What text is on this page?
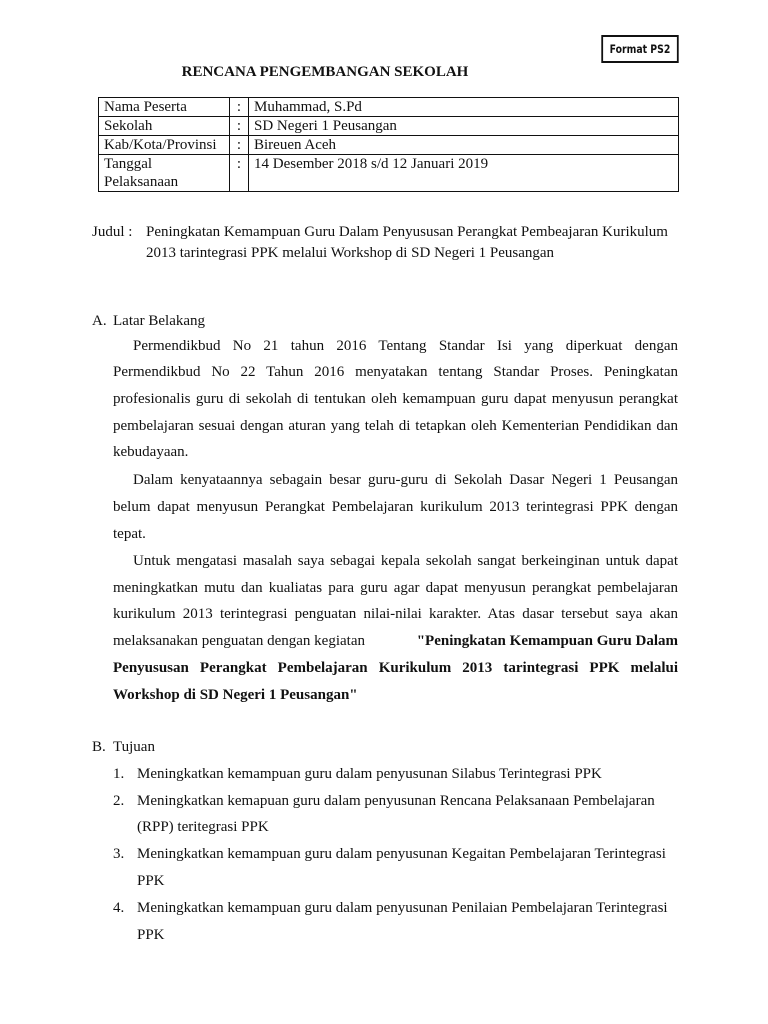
Format PS2
RENCANA PENGEMBANGAN SEKOLAH
Nama Peserta	:	Muhammad, S.Pd
Sekolah	:	SD Negeri 1 Peusangan
Kab/Kota/Provinsi	:	Bireuen Aceh
Tanggal Pelaksanaan	:	14 Desember 2018 s/d 12 Januari 2019
Judul : Peningkatan Kemampuan Guru Dalam Penyususan Perangkat Pembeajaran Kurikulum
2013 tarintegrasi PPK melalui Workshop di SD Negeri 1 Peusangan
A. Latar Belakang
Permendikbud No 21 tahun 2016 Tentang Standar Isi yang diperkuat dengan
Permendikbud No 22 Tahun 2016 menyatakan tentang Standar Proses. Peningkatan
profesionalis guru di sekolah di tentukan oleh kemampuan guru dapat menyusun perangkat
pembelajaran sesuai dengan aturan yang telah di tetapkan oleh Kementerian Pendidikan dan
kebudayaan.
Dalam kenyataannya sebagain besar guru-guru di Sekolah Dasar Negeri 1 Peusangan
belum dapat menyusun Perangkat Pembelajaran kurikulum 2013 terintegrasi PPK dengan
tepat.
Untuk mengatasi masalah saya sebagai kepala sekolah sangat berkeinginan untuk dapat
meningkatkan mutu dan kualiatas para guru agar dapat menyusun perangkat pembelajaran
kurikulum 2013 terintegrasi penguatan nilai-nilai karakter. Atas dasar tersebut saya akan
melaksanakan penguatan dengan kegiatan	"Peningkatan Kemampuan Guru Dalam
Penyususan Perangkat Pembelajaran Kurikulum 2013 tarintegrasi PPK melalui
Workshop di SD Negeri 1 Peusangan"
B. Tujuan
1. Meningkatkan kemampuan guru dalam penyusunan Silabus Terintegrasi PPK
2. Meningkatkan kemapuan guru dalam penyusunan Rencana Pelaksanaan Pembelajaran
(RPP) teritegrasi PPK
3. Meningkatkan kemampuan guru dalam penyusunan Kegaitan Pembelajaran Terintegrasi
PPK
4. Meningkatkan kemampuan guru dalam penyusunan Penilaian Pembelajaran Terintegrasi
PPK
